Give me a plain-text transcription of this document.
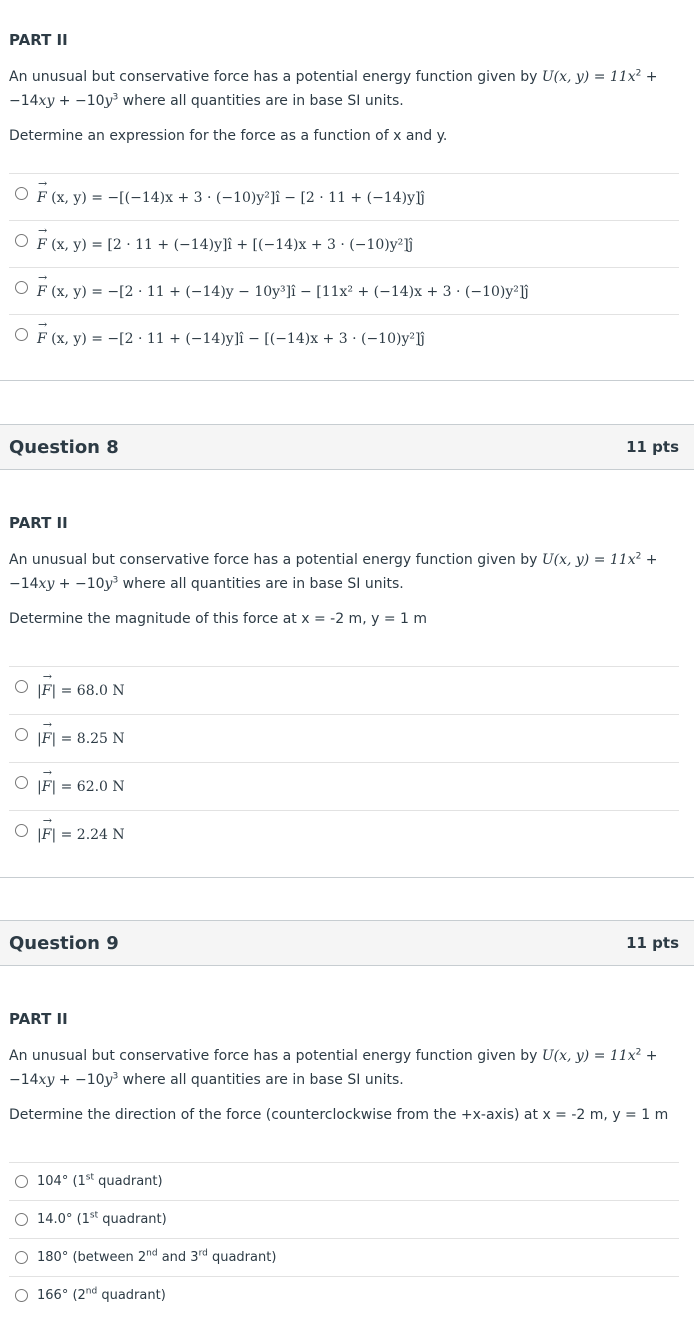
PART II

An unusual but conservative force has a potential energy function given by U(x, $y) = 11x^2$ +
$-14xy + -10y^3$ where all quantities are in base SI units.

Determine an expression for the force as a function of x and y.

→ F (x, y) = −[(−14)x + 3 · (−10)y²]î − [2 · 11 + (−14)y]ĵ
→ F (x, y) = [2 · 11 + (−14)y]î + [(−14)x + 3 · (−10)y²]ĵ
→ F (x, y) = −[2 · 11 + (−14)y − 10y³]î − [11x² + (−14)x + 3 · (−10)y²]ĵ
→ F (x, y) = −[2 · 11 + (−14)y]î − [(−14)x + 3 · (−10)y²]ĵ
Question 8	11 pts

PART II

An unusual but conservative force has a potential energy function given by U(x, $y) = 11x^2$ +
$-14xy + -10y^3$ where all quantities are in base SI units.

Determine the magnitude of this force at x = -2 m, y = 1 m

|→ F| = 68.0 N
|→ F| = 8.25 N
|→ F| = 62.0 N
|→ F| = 2.24 N
Question 9	11 pts

PART II

An unusual but conservative force has a potential energy function given by U(x, $y) = 11x^2$ +
$-14xy + -10y^3$ where all quantities are in base SI units.

Determine the direction of the force (counterclockwise from the +x-axis) at x = -2 m, y = 1 m

104° (1st quadrant)
14.0° (1st quadrant)
180° (between 2nd and 3rd quadrant)
166° (2nd quadrant)
